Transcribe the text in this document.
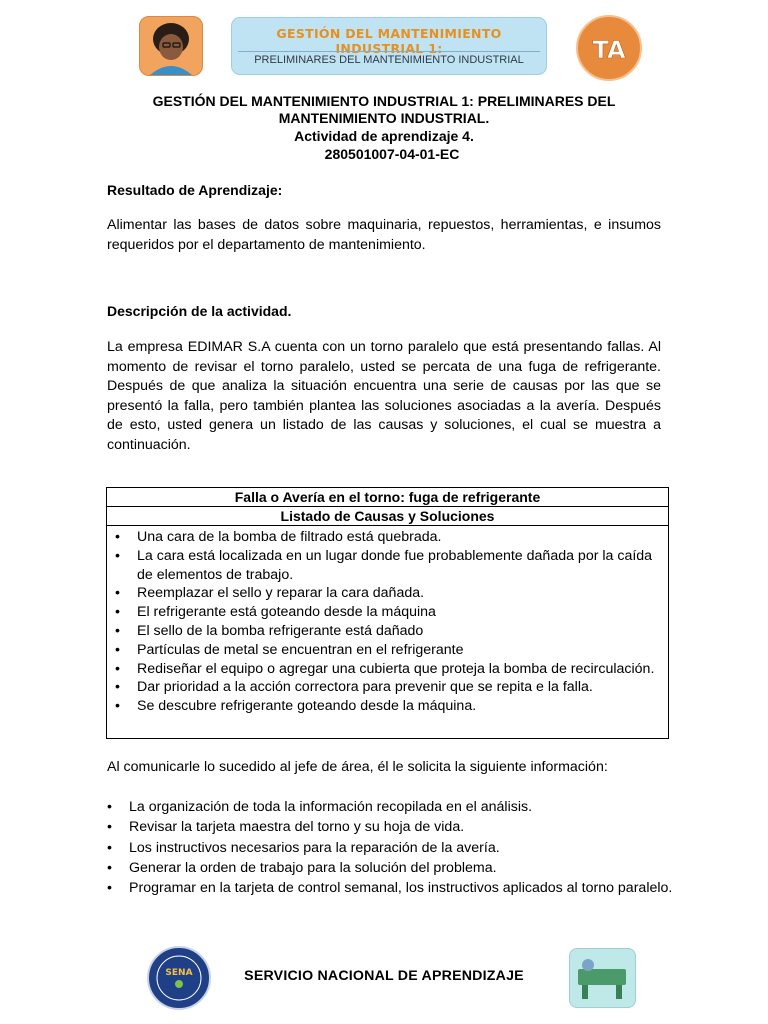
GESTIÓN DEL MANTENIMIENTO INDUSTRIAL 1:
PRELIMINARES DEL MANTENIMIENTO INDUSTRIAL	TA
GESTIÓN DEL MANTENIMIENTO INDUSTRIAL 1: PRELIMINARES DEL
MANTENIMIENTO INDUSTRIAL.
Actividad de aprendizaje 4.
280501007-04-01-EC
Resultado de Aprendizaje:
Alimentar las bases de datos sobre maquinaria, repuestos, herramientas, e insumos requeridos por el departamento de mantenimiento.
Descripción de la actividad.
La empresa EDIMAR S.A cuenta con un torno paralelo que está presentando fallas. Al momento de revisar el torno paralelo, usted se percata de una fuga de refrigerante. Después de que analiza la situación encuentra una serie de causas por las que se presentó la falla, pero también plantea las soluciones asociadas a la avería. Después de esto, usted genera un listado de las causas y soluciones, el cual se muestra a continuación.
Falla o Avería en el torno: fuga de refrigerante
Listado de Causas y Soluciones
• Una cara de la bomba de filtrado está quebrada.
• La cara está localizada en un lugar donde fue probablemente dañada por la caída de elementos de trabajo.
• Reemplazar el sello y reparar la cara dañada.
• El refrigerante está goteando desde la máquina
• El sello de la bomba refrigerante está dañado
• Partículas de metal se encuentran en el refrigerante
• Rediseñar el equipo o agregar una cubierta que proteja la bomba de recirculación.
• Dar prioridad a la acción correctora para prevenir que se repita e la falla.
• Se descubre refrigerante goteando desde la máquina.
Al comunicarle lo sucedido al jefe de área, él le solicita la siguiente información:
• La organización de toda la información recopilada en el análisis.
• Revisar la tarjeta maestra del torno y su hoja de vida.
• Los instructivos necesarios para la reparación de la avería.
• Generar la orden de trabajo para la solución del problema.
• Programar en la tarjeta de control semanal, los instructivos aplicados al torno paralelo.
SENA	SERVICIO NACIONAL DE APRENDIZAJE
